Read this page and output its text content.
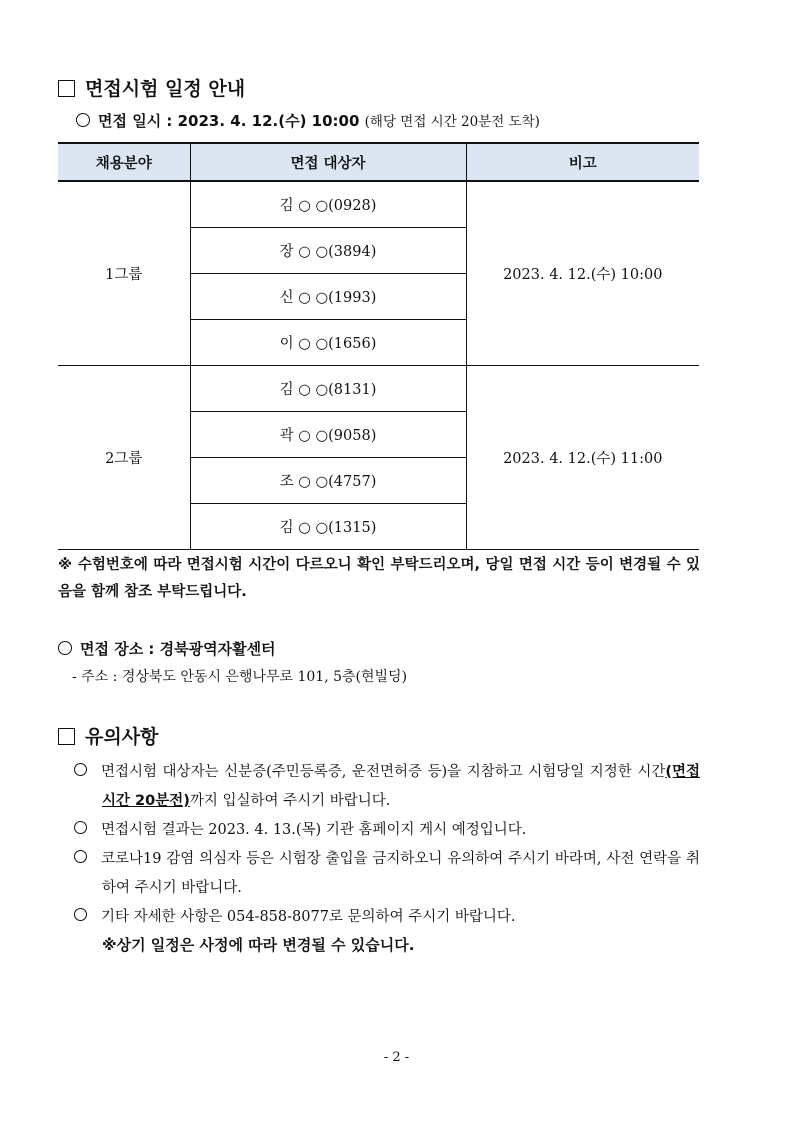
면접시험 일정 안내
면접 일시 : 2023. 4. 12.(수) 10:00 (해당 면접 시간 20분전 도착)
채용분야	면접 대상자	비고
1그룹	김 ○ ○(0928)	2023. 4. 12.(수) 10:00
	장 ○ ○(3894)	
	신 ○ ○(1993)	
	이 ○ ○(1656)	
2그룹	김 ○ ○(8131)	2023. 4. 12.(수) 11:00
	곽 ○ ○(9058)	
	조 ○ ○(4757)	
	김 ○ ○(1315)	
※ 수험번호에 따라 면접시험 시간이 다르오니 확인 부탁드리오며, 당일 면접 시간 등이 변경될 수 있음을 함께 참조 부탁드립니다.
면접 장소 : 경북광역자활센터
- 주소 : 경상북도 안동시 은행나무로 101, 5층(현빌딩)
유의사항
면접시험 대상자는 신분증(주민등록증, 운전면허증 등)을 지참하고 시험당일 지정한 시간(면접 시간 20분전)까지 입실하여 주시기 바랍니다.
면접시험 결과는 2023. 4. 13.(목) 기관 홈페이지 게시 예정입니다.
코로나19 감염 의심자 등은 시험장 출입을 금지하오니 유의하여 주시기 바라며, 사전 연락을 취하여 주시기 바랍니다.
기타 자세한 사항은 054-858-8077로 문의하여 주시기 바랍니다.
※상기 일정은 사정에 따라 변경될 수 있습니다.
- 2 -
